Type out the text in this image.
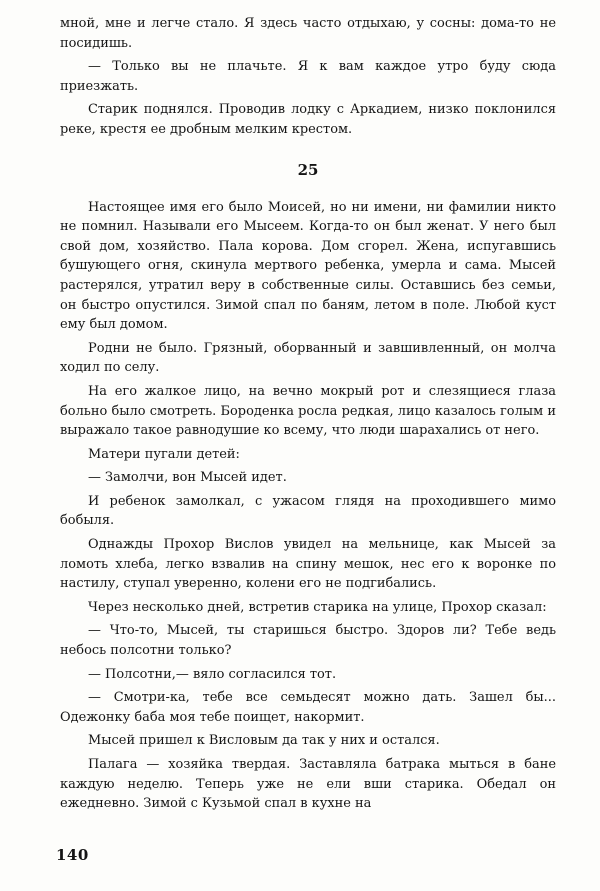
мной, мне и легче стало. Я здесь часто отдыхаю, у сосны: дома-то не посидишь.

— Только вы не плачьте. Я к вам каждое утро буду сюда приезжать.

Старик поднялся. Проводив лодку с Аркадием, низко поклонился реке, крестя ее дробным мелким крестом.

25

Настоящее имя его было Моисей, но ни имени, ни фамилии никто не помнил. Называли его Мысеем. Когда-то он был женат. У него был свой дом, хозяйство. Пала корова. Дом сгорел. Жена, испугавшись бушующего огня, скинула мертвого ребенка, умерла и сама. Мысей растерялся, утратил веру в собственные силы. Оставшись без семьи, он быстро опустился. Зимой спал по баням, летом в поле. Любой куст ему был домом.

Родни не было. Грязный, оборванный и завшивленный, он молча ходил по селу.

На его жалкое лицо, на вечно мокрый рот и слезящиеся глаза больно было смотреть. Бороденка росла редкая, лицо казалось голым и выражало такое равнодушие ко всему, что люди шарахались от него.

Матери пугали детей:

— Замолчи, вон Мысей идет.

И ребенок замолкал, с ужасом глядя на проходившего мимо бобыля.

Однажды Прохор Вислов увидел на мельнице, как Мысей за ломоть хлеба, легко взвалив на спину мешок, нес его к воронке по настилу, ступал уверенно, колени его не подгибались.

Через несколько дней, встретив старика на улице, Прохор сказал:

— Что-то, Мысей, ты старишься быстро. Здоров ли? Тебе ведь небось полсотни только?

— Полсотни,— вяло согласился тот.

— Смотри-ка, тебе все семьдесят можно дать. Зашел бы... Одежонку баба моя тебе поищет, накормит.

Мысей пришел к Висловым да так у них и остался.

Палага — хозяйка твердая. Заставляла батрака мыться в бане каждую неделю. Теперь уже не ели вши старика. Обедал он ежедневно. Зимой с Кузьмой спал в кухне на

140
